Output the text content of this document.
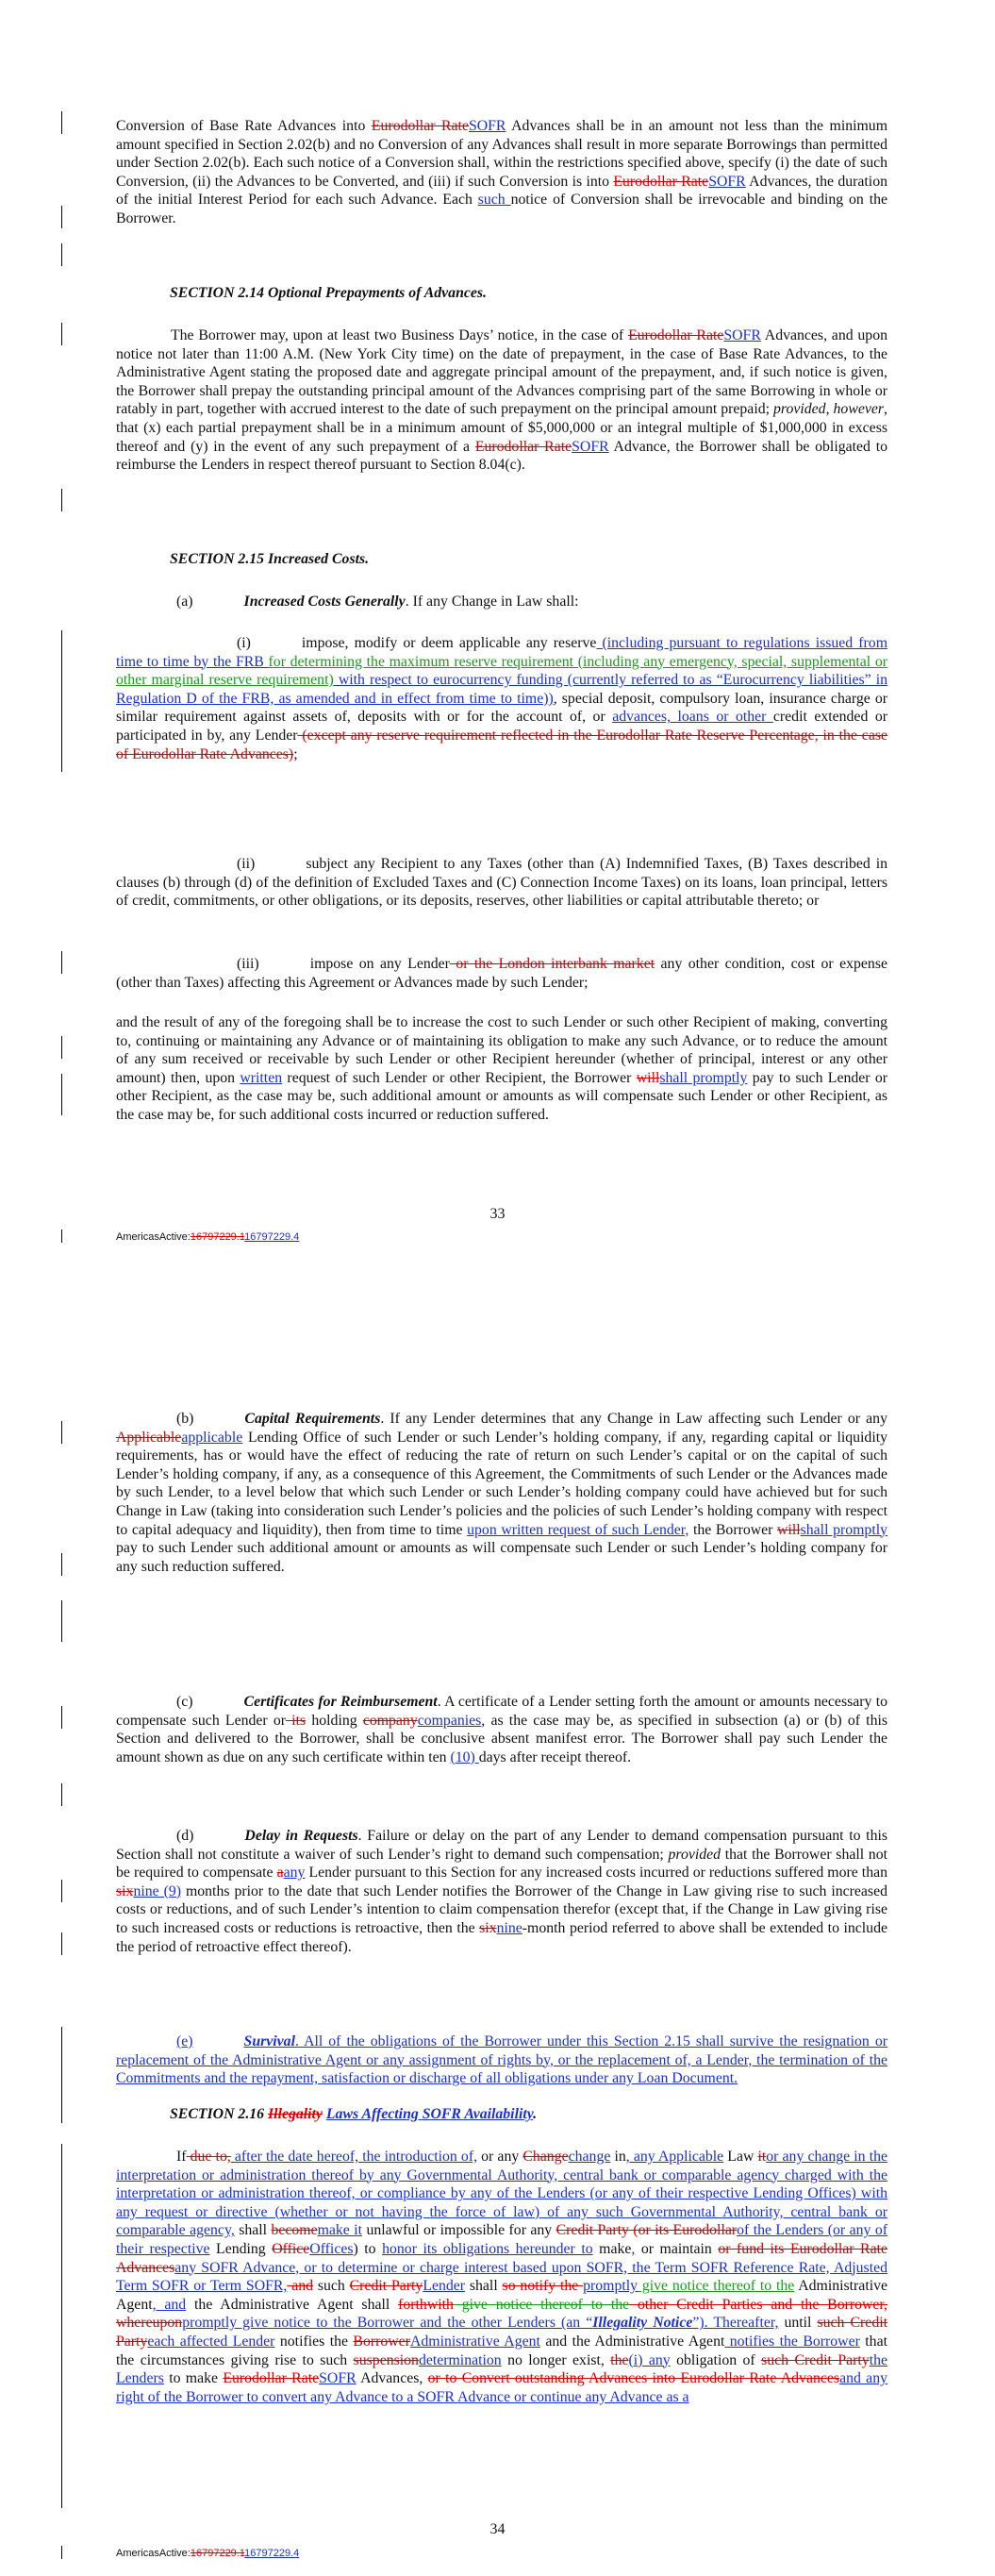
Conversion of Base Rate Advances into Eurodollar RateSOFR Advances shall be in an amount not less than the minimum amount specified in Section 2.02(b) and no Conversion of any Advances shall result in more separate Borrowings than permitted under Section 2.02(b). Each such notice of a Conversion shall, within the restrictions specified above, specify (i) the date of such Conversion, (ii) the Advances to be Converted, and (iii) if such Conversion is into Eurodollar RateSOFR Advances, the duration of the initial Interest Period for each such Advance. Each such notice of Conversion shall be irrevocable and binding on the Borrower.

SECTION 2.14 Optional Prepayments of Advances.

The Borrower may, upon at least two Business Days’ notice, in the case of Eurodollar RateSOFR Advances, and upon notice not later than 11:00 A.M. (New York City time) on the date of prepayment, in the case of Base Rate Advances, to the Administrative Agent stating the proposed date and aggregate principal amount of the prepayment, and, if such notice is given, the Borrower shall prepay the outstanding principal amount of the Advances comprising part of the same Borrowing in whole or ratably in part, together with accrued interest to the date of such prepayment on the principal amount prepaid; provided, however, that (x) each partial prepayment shall be in a minimum amount of $5,000,000 or an integral multiple of $1,000,000 in excess thereof and (y) in the event of any such prepayment of a Eurodollar RateSOFR Advance, the Borrower shall be obligated to reimburse the Lenders in respect thereof pursuant to Section 8.04(c).

SECTION 2.15 Increased Costs.

(a)	Increased Costs Generally. If any Change in Law shall:

(i)	impose, modify or deem applicable any reserve (including pursuant to regulations issued from time to time by the FRB for determining the maximum reserve requirement (including any emergency, special, supplemental or other marginal reserve requirement) with respect to eurocurrency funding (currently referred to as “Eurocurrency liabilities” in Regulation D of the FRB, as amended and in effect from time to time)), special deposit, compulsory loan, insurance charge or similar requirement against assets of, deposits with or for the account of, or advances, loans or other credit extended or participated in by, any Lender (except any reserve requirement reflected in the Eurodollar Rate Reserve Percentage, in the case of Eurodollar Rate Advances);

(ii)	subject any Recipient to any Taxes (other than (A) Indemnified Taxes, (B) Taxes described in clauses (b) through (d) of the definition of Excluded Taxes and (C) Connection Income Taxes) on its loans, loan principal, letters of credit, commitments, or other obligations, or its deposits, reserves, other liabilities or capital attributable thereto; or

(iii)	impose on any Lender or the London interbank market any other condition, cost or expense (other than Taxes) affecting this Agreement or Advances made by such Lender;

and the result of any of the foregoing shall be to increase the cost to such Lender or such other Recipient of making, converting to, continuing or maintaining any Advance or of maintaining its obligation to make any such Advance, or to reduce the amount of any sum received or receivable by such Lender or other Recipient hereunder (whether of principal, interest or any other amount) then, upon written request of such Lender or other Recipient, the Borrower willshall promptly pay to such Lender or other Recipient, as the case may be, such additional amount or amounts as will compensate such Lender or other Recipient, as the case may be, for such additional costs incurred or reduction suffered.

33
AmericasActive:16797229.116797229.4

(b)	Capital Requirements. If any Lender determines that any Change in Law affecting such Lender or any Applicableapplicable Lending Office of such Lender or such Lender’s holding company, if any, regarding capital or liquidity requirements, has or would have the effect of reducing the rate of return on such Lender’s capital or on the capital of such Lender’s holding company, if any, as a consequence of this Agreement, the Commitments of such Lender or the Advances made by such Lender, to a level below that which such Lender or such Lender’s holding company could have achieved but for such Change in Law (taking into consideration such Lender’s policies and the policies of such Lender’s holding company with respect to capital adequacy and liquidity), then from time to time upon written request of such Lender, the Borrower willshall promptly pay to such Lender such additional amount or amounts as will compensate such Lender or such Lender’s holding company for any such reduction suffered.

(c)	Certificates for Reimbursement. A certificate of a Lender setting forth the amount or amounts necessary to compensate such Lender or its holding companycompanies, as the case may be, as specified in subsection (a) or (b) of this Section and delivered to the Borrower, shall be conclusive absent manifest error. The Borrower shall pay such Lender the amount shown as due on any such certificate within ten (10) days after receipt thereof.

(d)	Delay in Requests. Failure or delay on the part of any Lender to demand compensation pursuant to this Section shall not constitute a waiver of such Lender’s right to demand such compensation; provided that the Borrower shall not be required to compensate aany Lender pursuant to this Section for any increased costs incurred or reductions suffered more than sixnine (9) months prior to the date that such Lender notifies the Borrower of the Change in Law giving rise to such increased costs or reductions, and of such Lender’s intention to claim compensation therefor (except that, if the Change in Law giving rise to such increased costs or reductions is retroactive, then the sixnine-month period referred to above shall be extended to include the period of retroactive effect thereof).

(e)	Survival. All of the obligations of the Borrower under this Section 2.15 shall survive the resignation or replacement of the Administrative Agent or any assignment of rights by, or the replacement of, a Lender, the termination of the Commitments and the repayment, satisfaction or discharge of all obligations under any Loan Document.

SECTION 2.16 Illegality Laws Affecting SOFR Availability.

If due to, after the date hereof, the introduction of, or any Changechange in, any Applicable Law itor any change in the interpretation or administration thereof by any Governmental Authority, central bank or comparable agency charged with the interpretation or administration thereof, or compliance by any of the Lenders (or any of their respective Lending Offices) with any request or directive (whether or not having the force of law) of any such Governmental Authority, central bank or comparable agency, shall becomemake it unlawful or impossible for any Credit Party (or its Eurodollarof the Lenders (or any of their respective Lending OfficeOffices) to honor its obligations hereunder to make, or maintain or fund its Eurodollar Rate Advancesany SOFR Advance, or to determine or charge interest based upon SOFR, the Term SOFR Reference Rate, Adjusted Term SOFR or Term SOFR, and such Credit PartyLender shall so notify the promptly give notice thereof to the Administrative Agent, and the Administrative Agent shall forthwith give notice thereof to the other Credit Parties and the Borrower, whereuponpromptly give notice to the Borrower and the other Lenders (an “Illegality Notice”). Thereafter, until such Credit Partyeach affected Lender notifies the BorrowerAdministrative Agent and the Administrative Agent notifies the Borrower that the circumstances giving rise to such suspensiondetermination no longer exist, the(i) any obligation of such Credit Partythe Lenders to make Eurodollar RateSOFR Advances, or to Convert outstanding Advances into Eurodollar Rate Advancesand any right of the Borrower to convert any Advance to a SOFR Advance or continue any Advance as a

34
AmericasActive:16797229.116797229.4
